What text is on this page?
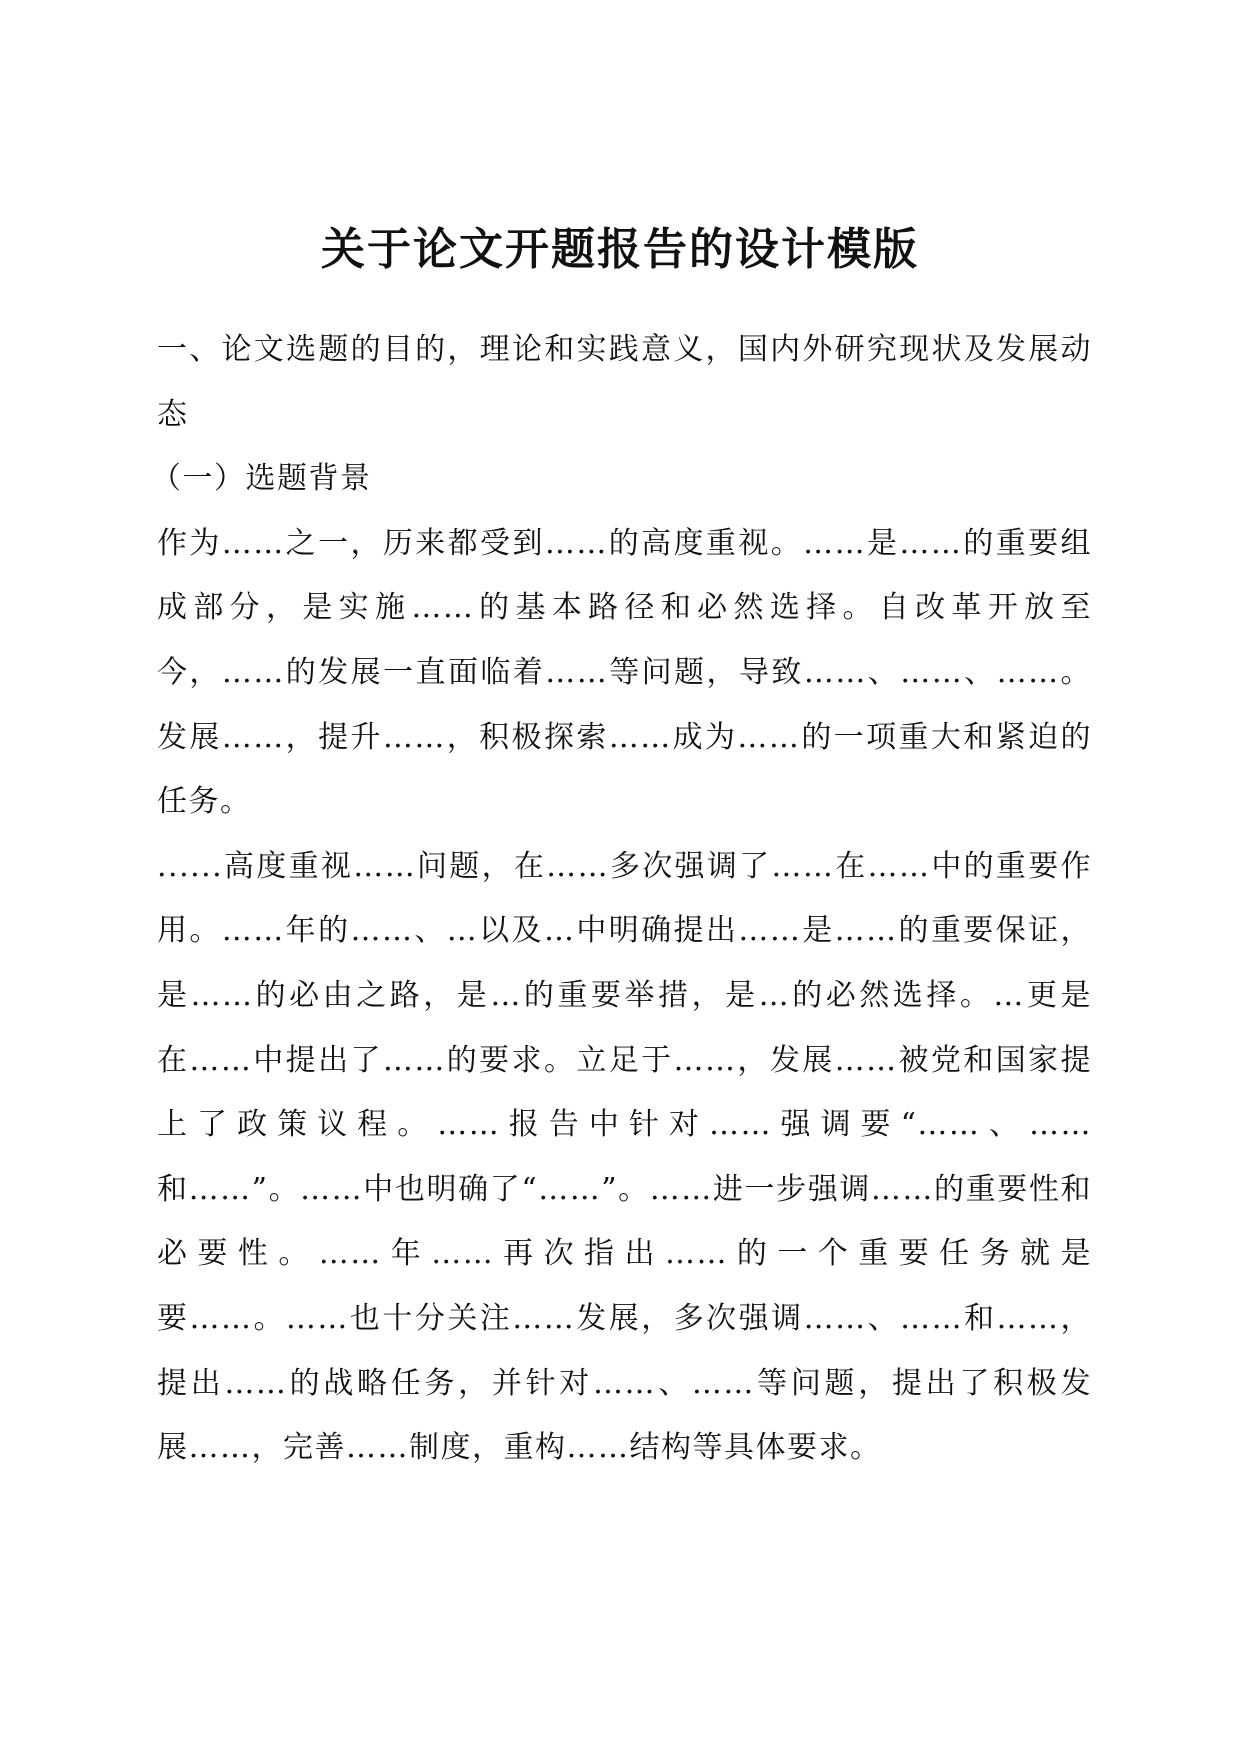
关于论文开题报告的设计模版

一、论文选题的目的，理论和实践意义，国内外研究现状及发展动态

（一）选题背景

作为……之一，历来都受到……的高度重视。……是……的重要组成部分，是实施……的基本路径和必然选择。自改革开放至今，……的发展一直面临着……等问题，导致……、……、……。发展……，提升……，积极探索……成为……的一项重大和紧迫的任务。

......高度重视……问题，在……多次强调了……在……中的重要作用。……年的……、…以及…中明确提出……是……的重要保证，是……的必由之路，是…的重要举措，是…的必然选择。…更是在……中提出了……的要求。立足于……，发展……被党和国家提上了政策议程。……报告中针对……强调要“……、……和……”。……中也明确了“……”。……进一步强调……的重要性和必要性。……年……再次指出……的一个重要任务就是要……。……也十分关注……发展，多次强调……、……和……，提出……的战略任务，并针对……、……等问题，提出了积极发展……，完善……制度，重构……结构等具体要求。
